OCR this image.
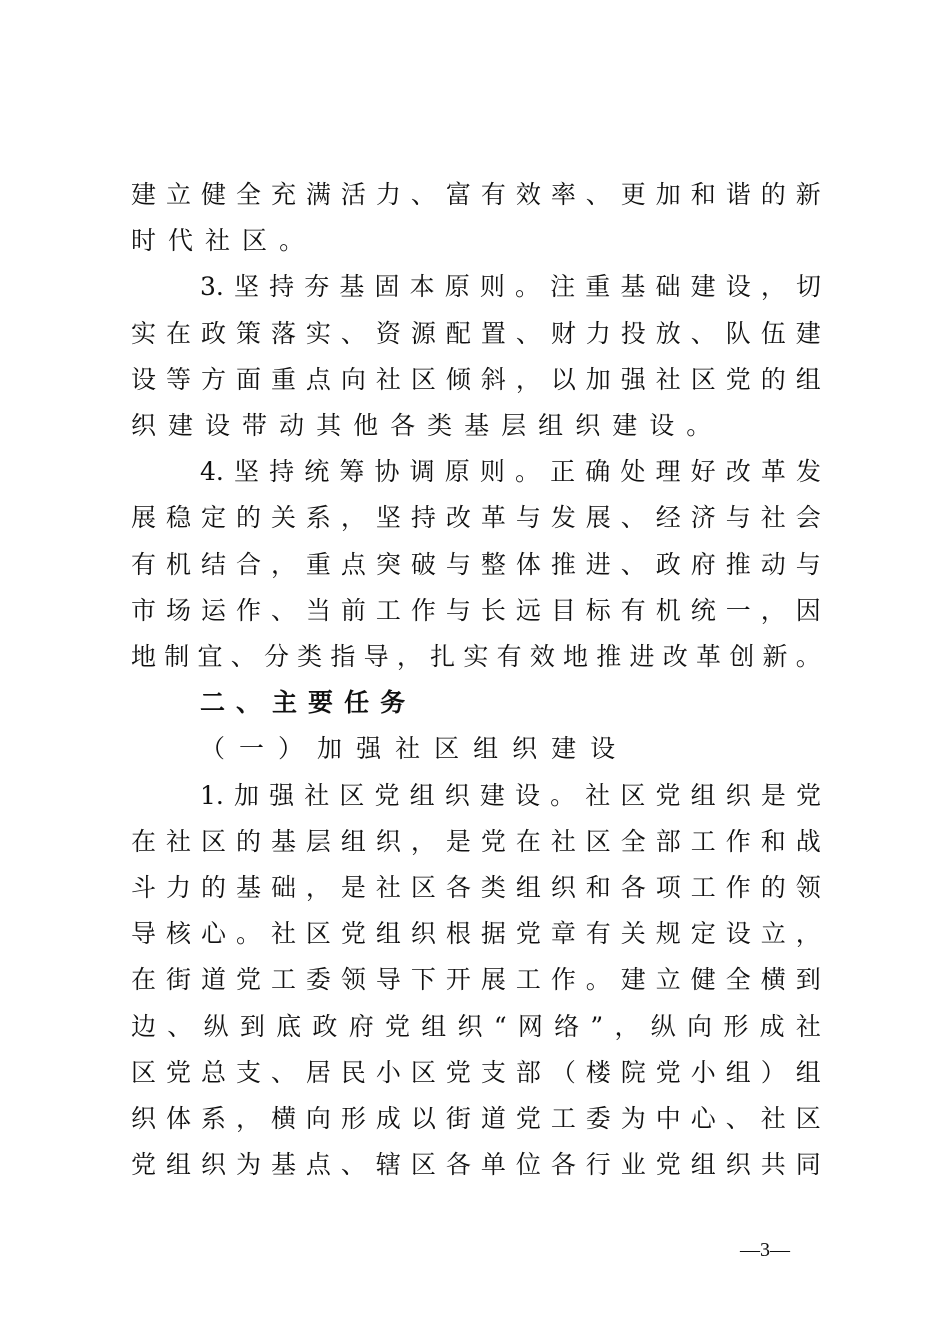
建 立 健 全 充 满 活 力 、 富 有 效 率 、 更 加 和 谐 的 新
时 代 社 区 。
3. 坚 持 夯 基 固 本 原 则 。 注 重 基 础 建 设 ， 切
实 在 政 策 落 实 、 资 源 配 置 、 财 力 投 放 、 队 伍 建
设 等 方 面 重 点 向 社 区 倾 斜 ， 以 加 强 社 区 党 的 组
织 建 设 带 动 其 他 各 类 基 层 组 织 建 设 。
4. 坚 持 统 筹 协 调 原 则 。 正 确 处 理 好 改 革 发
展 稳 定 的 关 系 ， 坚 持 改 革 与 发 展 、 经 济 与 社 会
有 机 结 合 ， 重 点 突 破 与 整 体 推 进 、 政 府 推 动 与
市 场 运 作 、 当 前 工 作 与 长 远 目 标 有 机 统 一 ， 因
地 制 宜 、 分 类 指 导 ， 扎 实 有 效 地 推 进 改 革 创 新 。
二 、 主 要 任 务
（ 一 ） 加 强 社 区 组 织 建 设
1. 加 强 社 区 党 组 织 建 设 。 社 区 党 组 织 是 党
在 社 区 的 基 层 组 织 ， 是 党 在 社 区 全 部 工 作 和 战
斗 力 的 基 础 ， 是 社 区 各 类 组 织 和 各 项 工 作 的 领
导 核 心 。 社 区 党 组 织 根 据 党 章 有 关 规 定 设 立 ，
在 街 道 党 工 委 领 导 下 开 展 工 作 。 建 立 健 全 横 到
边 、 纵 到 底 政 府 党 组 织 “ 网 络 ” ， 纵 向 形 成 社
区 党 总 支 、 居 民 小 区 党 支 部 （ 楼 院 党 小 组 ） 组
织 体 系 ， 横 向 形 成 以 街 道 党 工 委 为 中 心 、 社 区
党 组 织 为 基 点 、 辖 区 各 单 位 各 行 业 党 组 织 共 同
—3—
